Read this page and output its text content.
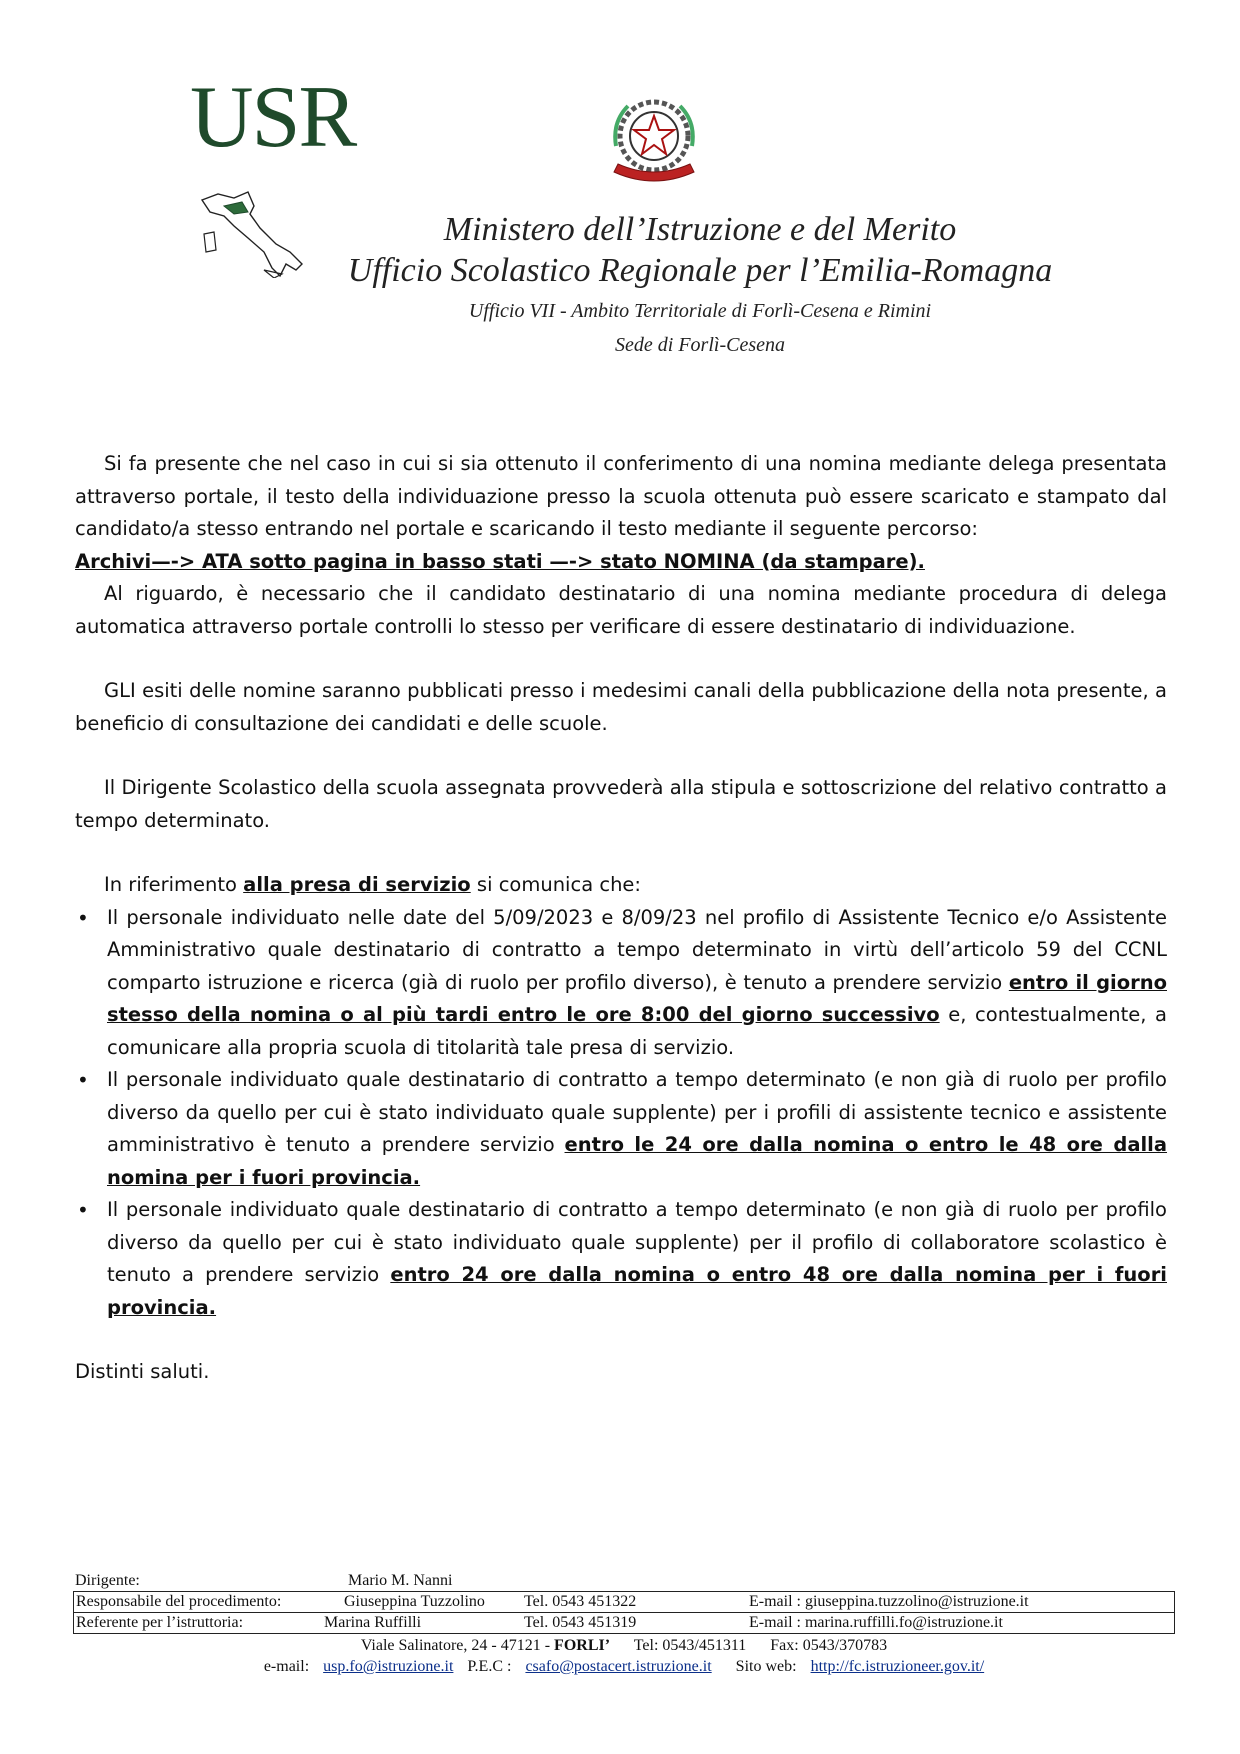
USR
Ministero dell’Istruzione e del Merito
Ufficio Scolastico Regionale per l’Emilia-Romagna
Ufficio VII - Ambito Territoriale di Forlì-Cesena e Rimini
Sede di Forlì-Cesena

Si fa presente che nel caso in cui si sia ottenuto il conferimento di una nomina mediante delega presentata attraverso portale, il testo della individuazione presso la scuola ottenuta può essere scaricato e stampato dal candidato/a stesso entrando nel portale e scaricando il testo mediante il seguente percorso:

Archivi—-> ATA sotto pagina in basso stati —-> stato NOMINA (da stampare).

Al riguardo, è necessario che il candidato destinatario di una nomina mediante procedura di delega automatica attraverso portale controlli lo stesso per verificare di essere destinatario di individuazione.

GLI esiti delle nomine saranno pubblicati presso i medesimi canali della pubblicazione della nota presente, a beneficio di consultazione dei candidati e delle scuole.

Il Dirigente Scolastico della scuola assegnata provvederà alla stipula e sottoscrizione del relativo contratto a tempo determinato.

In riferimento alla presa di servizio si comunica che:

• Il personale individuato nelle date del 5/09/2023 e 8/09/23 nel profilo di Assistente Tecnico e/o Assistente Amministrativo quale destinatario di contratto a tempo determinato in virtù dell’articolo 59 del CCNL comparto istruzione e ricerca (già di ruolo per profilo diverso), è tenuto a prendere servizio entro il giorno stesso della nomina o al più tardi entro le ore 8:00 del giorno successivo e, contestualmente, a comunicare alla propria scuola di titolarità tale presa di servizio.
• Il personale individuato quale destinatario di contratto a tempo determinato (e non già di ruolo per profilo diverso da quello per cui è stato individuato quale supplente) per i profili di assistente tecnico e assistente amministrativo è tenuto a prendere servizio entro le 24 ore dalla nomina o entro le 48 ore dalla nomina per i fuori provincia.
• Il personale individuato quale destinatario di contratto a tempo determinato (e non già di ruolo per profilo diverso da quello per cui è stato individuato quale supplente) per il profilo di collaboratore scolastico è tenuto a prendere servizio entro 24 ore dalla nomina o entro 48 ore dalla nomina per i fuori provincia.

Distinti saluti.

Dirigente:	Mario M. Nanni
Responsabile del procedimento:	Giuseppina Tuzzolino Tel. 0543 451322	E-mail : giuseppina.tuzzolino@istruzione.it
Referente per l’istruttoria:	Marina Ruffilli	Tel. 0543 451319	E-mail : marina.ruffilli.fo@istruzione.it
Viale Salinatore, 24 - 47121 - FORLI’ Tel: 0543/451311 Fax: 0543/370783
e-mail: usp.fo@istruzione.it P.E.C : csafo@postacert.istruzione.it Sito web: http://fc.istruzioneer.gov.it/
